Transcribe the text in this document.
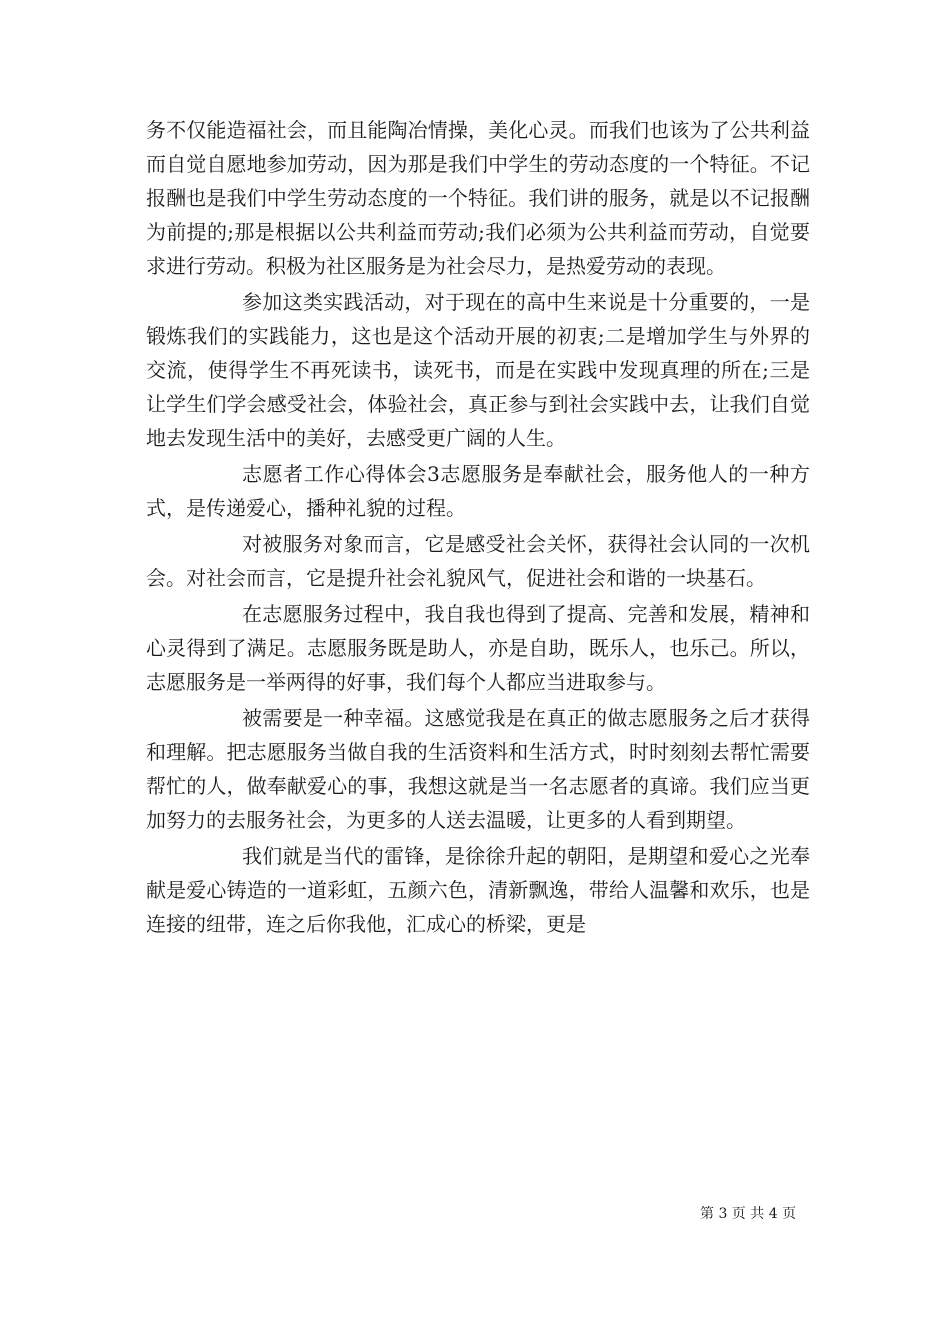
务不仅能造福社会，而且能陶冶情操，美化心灵。而我们也该为了公共利益而自觉自愿地参加劳动，因为那是我们中学生的劳动态度的一个特征。不记报酬也是我们中学生劳动态度的一个特征。我们讲的服务，就是以不记报酬为前提的;那是根据以公共利益而劳动;我们必须为公共利益而劳动，自觉要求进行劳动。积极为社区服务是为社会尽力，是热爱劳动的表现。

参加这类实践活动，对于现在的高中生来说是十分重要的，一是锻炼我们的实践能力，这也是这个活动开展的初衷;二是增加学生与外界的交流，使得学生不再死读书，读死书，而是在实践中发现真理的所在;三是让学生们学会感受社会，体验社会，真正参与到社会实践中去，让我们自觉地去发现生活中的美好，去感受更广阔的人生。

志愿者工作心得体会3志愿服务是奉献社会，服务他人的一种方式，是传递爱心，播种礼貌的过程。

对被服务对象而言，它是感受社会关怀，获得社会认同的一次机会。对社会而言，它是提升社会礼貌风气，促进社会和谐的一块基石。

在志愿服务过程中，我自我也得到了提高、完善和发展，精神和心灵得到了满足。志愿服务既是助人，亦是自助，既乐人，也乐己。所以，志愿服务是一举两得的好事，我们每个人都应当进取参与。

被需要是一种幸福。这感觉我是在真正的做志愿服务之后才获得和理解。把志愿服务当做自我的生活资料和生活方式，时时刻刻去帮忙需要帮忙的人，做奉献爱心的事，我想这就是当一名志愿者的真谛。我们应当更加努力的去服务社会，为更多的人送去温暖，让更多的人看到期望。

我们就是当代的雷锋，是徐徐升起的朝阳，是期望和爱心之光奉献是爱心铸造的一道彩虹，五颜六色，清新飘逸，带给人温馨和欢乐，也是连接的纽带，连之后你我他，汇成心的桥梁，更是

第 3 页 共 4 页
